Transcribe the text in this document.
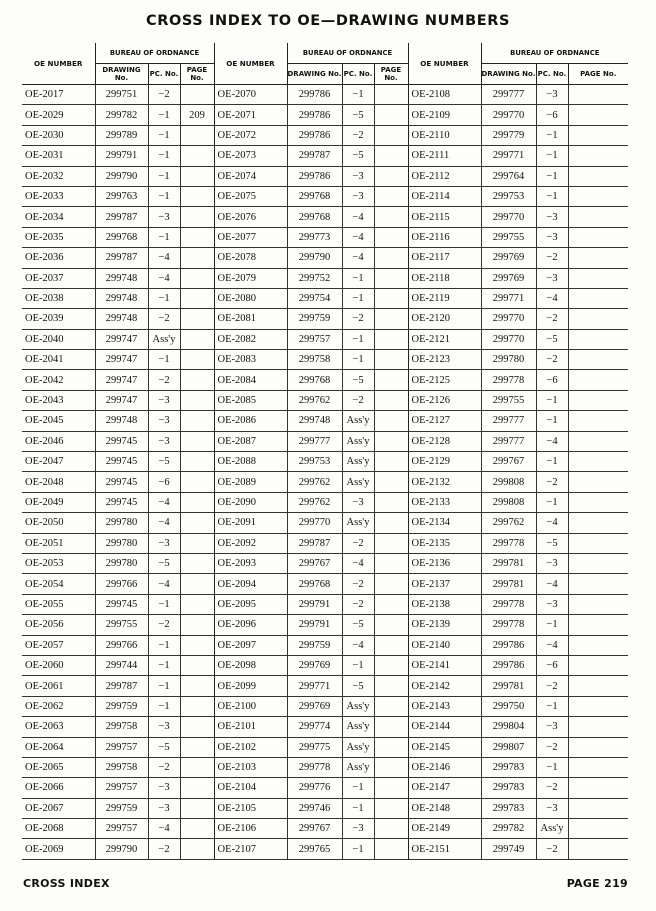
CROSS INDEX TO OE—DRAWING NUMBERS
OE NUMBER	BUREAU OF ORDNANCE			OE NUMBER	BUREAU OF ORDNANCE			OE NUMBER	BUREAU OF ORDNANCE		
	DRAWING No.	PC. No.	PAGE No.		DRAWING No.	PC. No.	PAGE No.		DRAWING No.	PC. No.	PAGE No.
OE-2017	299751	−2		OE-2070	299786	−1		OE-2108	299777	−3	
OE-2029	299782	−1	209	OE-2071	299786	−5		OE-2109	299770	−6	
OE-2030	299789	−1		OE-2072	299786	−2		OE-2110	299779	−1	
OE-2031	299791	−1		OE-2073	299787	−5		OE-2111	299771	−1	
OE-2032	299790	−1		OE-2074	299786	−3		OE-2112	299764	−1	
OE-2033	299763	−1		OE-2075	299768	−3		OE-2114	299753	−1	
OE-2034	299787	−3		OE-2076	299768	−4		OE-2115	299770	−3	
OE-2035	299768	−1		OE-2077	299773	−4		OE-2116	299755	−3	
OE-2036	299787	−4		OE-2078	299790	−4		OE-2117	299769	−2	
OE-2037	299748	−4		OE-2079	299752	−1		OE-2118	299769	−3	
OE-2038	299748	−1		OE-2080	299754	−1		OE-2119	299771	−4	
OE-2039	299748	−2		OE-2081	299759	−2		OE-2120	299770	−2	
OE-2040	299747	Ass'y		OE-2082	299757	−1		OE-2121	299770	−5	
OE-2041	299747	−1		OE-2083	299758	−1		OE-2123	299780	−2	
OE-2042	299747	−2		OE-2084	299768	−5		OE-2125	299778	−6	
OE-2043	299747	−3		OE-2085	299762	−2		OE-2126	299755	−1	
OE-2045	299748	−3		OE-2086	299748	Ass'y		OE-2127	299777	−1	
OE-2046	299745	−3		OE-2087	299777	Ass'y		OE-2128	299777	−4	
OE-2047	299745	−5		OE-2088	299753	Ass'y		OE-2129	299767	−1	
OE-2048	299745	−6		OE-2089	299762	Ass'y		OE-2132	299808	−2	
OE-2049	299745	−4		OE-2090	299762	−3		OE-2133	299808	−1	
OE-2050	299780	−4		OE-2091	299770	Ass'y		OE-2134	299762	−4	
OE-2051	299780	−3		OE-2092	299787	−2		OE-2135	299778	−5	
OE-2053	299780	−5		OE-2093	299767	−4		OE-2136	299781	−3	
OE-2054	299766	−4		OE-2094	299768	−2		OE-2137	299781	−4	
OE-2055	299745	−1		OE-2095	299791	−2		OE-2138	299778	−3	
OE-2056	299755	−2		OE-2096	299791	−5		OE-2139	299778	−1	
OE-2057	299766	−1		OE-2097	299759	−4		OE-2140	299786	−4	
OE-2060	299744	−1		OE-2098	299769	−1		OE-2141	299786	−6	
OE-2061	299787	−1		OE-2099	299771	−5		OE-2142	299781	−2	
OE-2062	299759	−1		OE-2100	299769	Ass'y		OE-2143	299750	−1	
OE-2063	299758	−3		OE-2101	299774	Ass'y		OE-2144	299804	−3	
OE-2064	299757	−5		OE-2102	299775	Ass'y		OE-2145	299807	−2	
OE-2065	299758	−2		OE-2103	299778	Ass'y		OE-2146	299783	−1	
OE-2066	299757	−3		OE-2104	299776	−1		OE-2147	299783	−2	
OE-2067	299759	−3		OE-2105	299746	−1		OE-2148	299783	−3	
OE-2068	299757	−4		OE-2106	299767	−3		OE-2149	299782	Ass'y	
OE-2069	299790	−2		OE-2107	299765	−1		OE-2151	299749	−2	
CROSS INDEX	PAGE 219
